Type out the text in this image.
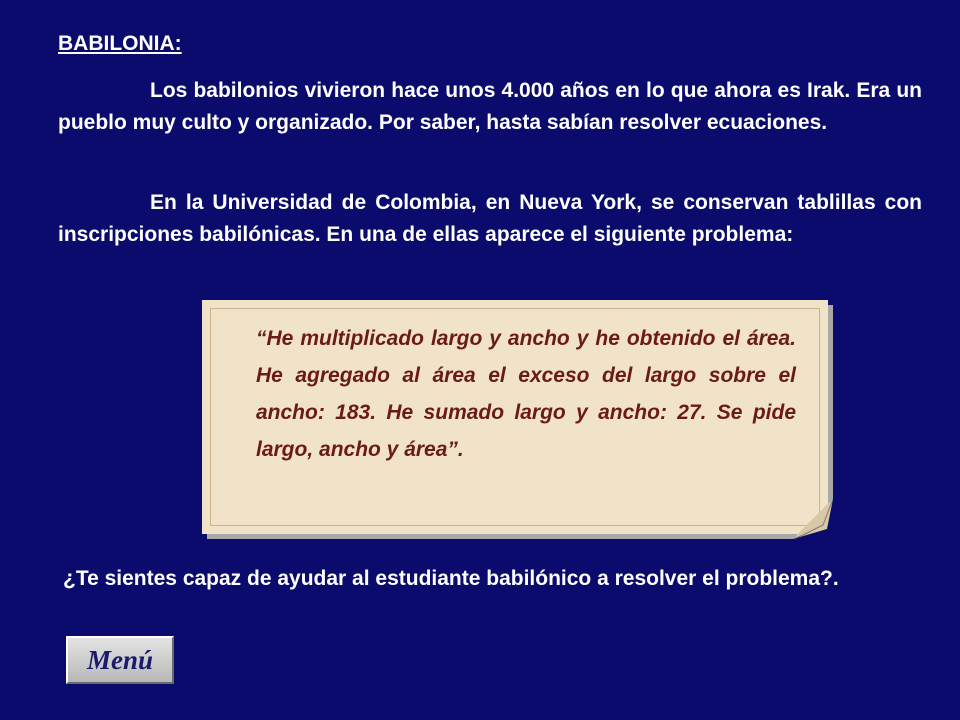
BABILONIA:

Los babilonios vivieron hace unos 4.000 años en lo que ahora es Irak. Era un pueblo muy culto y organizado. Por saber, hasta sabían resolver ecuaciones.

En la Universidad de Colombia, en Nueva York, se conservan tablillas con inscripciones babilónicas. En una de ellas aparece el siguiente problema:

“He multiplicado largo y ancho y he obtenido el área. He agregado al área el exceso del largo sobre el ancho: 183. He sumado largo y ancho: 27. Se pide largo, ancho y área”.

¿Te sientes capaz de ayudar al estudiante babilónico a resolver el problema?.

Menú
